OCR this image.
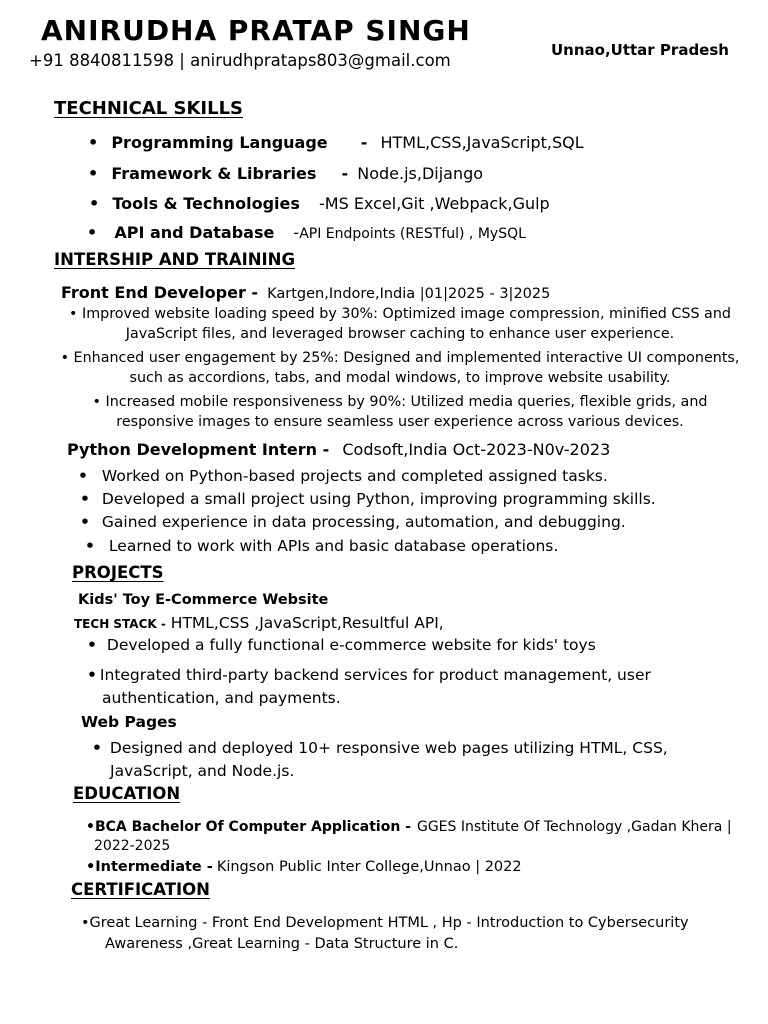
ANIRUDHA PRATAP SINGH
+91 8840811598 | anirudhprataps803@gmail.com
Unnao,Uttar Pradesh
TECHNICAL SKILLS
• Programming Language - HTML,CSS,JavaScript,SQL
• Framework & Libraries - Node.js,Dijango
• Tools & Technologies -MS Excel,Git ,Webpack,Gulp
• API and Database -API Endpoints (RESTful) , MySQL
INTERSHIP AND TRAINING
Front End Developer - Kartgen,Indore,India |01|2025 - 3|2025
• Improved website loading speed by 30%: Optimized image compression, minified CSS and
JavaScript files, and leveraged browser caching to enhance user experience.
• Enhanced user engagement by 25%: Designed and implemented interactive UI components,
such as accordions, tabs, and modal windows, to improve website usability.
• Increased mobile responsiveness by 90%: Utilized media queries, flexible grids, and
responsive images to ensure seamless user experience across various devices.
Python Development Intern - Codsoft,India Oct-2023-N0v-2023
• Worked on Python-based projects and completed assigned tasks.
• Developed a small project using Python, improving programming skills.
• Gained experience in data processing, automation, and debugging.
• Learned to work with APIs and basic database operations.
PROJECTS
Kids' Toy E-Commerce Website
TECH STACK - HTML,CSS ,JavaScript,Resultful API,
• Developed a fully functional e-commerce website for kids' toys
• Integrated third-party backend services for product management, user
authentication, and payments.
Web Pages
• Designed and deployed 10+ responsive web pages utilizing HTML, CSS,
JavaScript, and Node.js.
EDUCATION
•BCA Bachelor Of Computer Application - GGES Institute Of Technology ,Gadan Khera |
2022-2025
•Intermediate - Kingson Public Inter College,Unnao | 2022
CERTIFICATION
•Great Learning - Front End Development HTML , Hp - Introduction to Cybersecurity
Awareness ,Great Learning - Data Structure in C.
